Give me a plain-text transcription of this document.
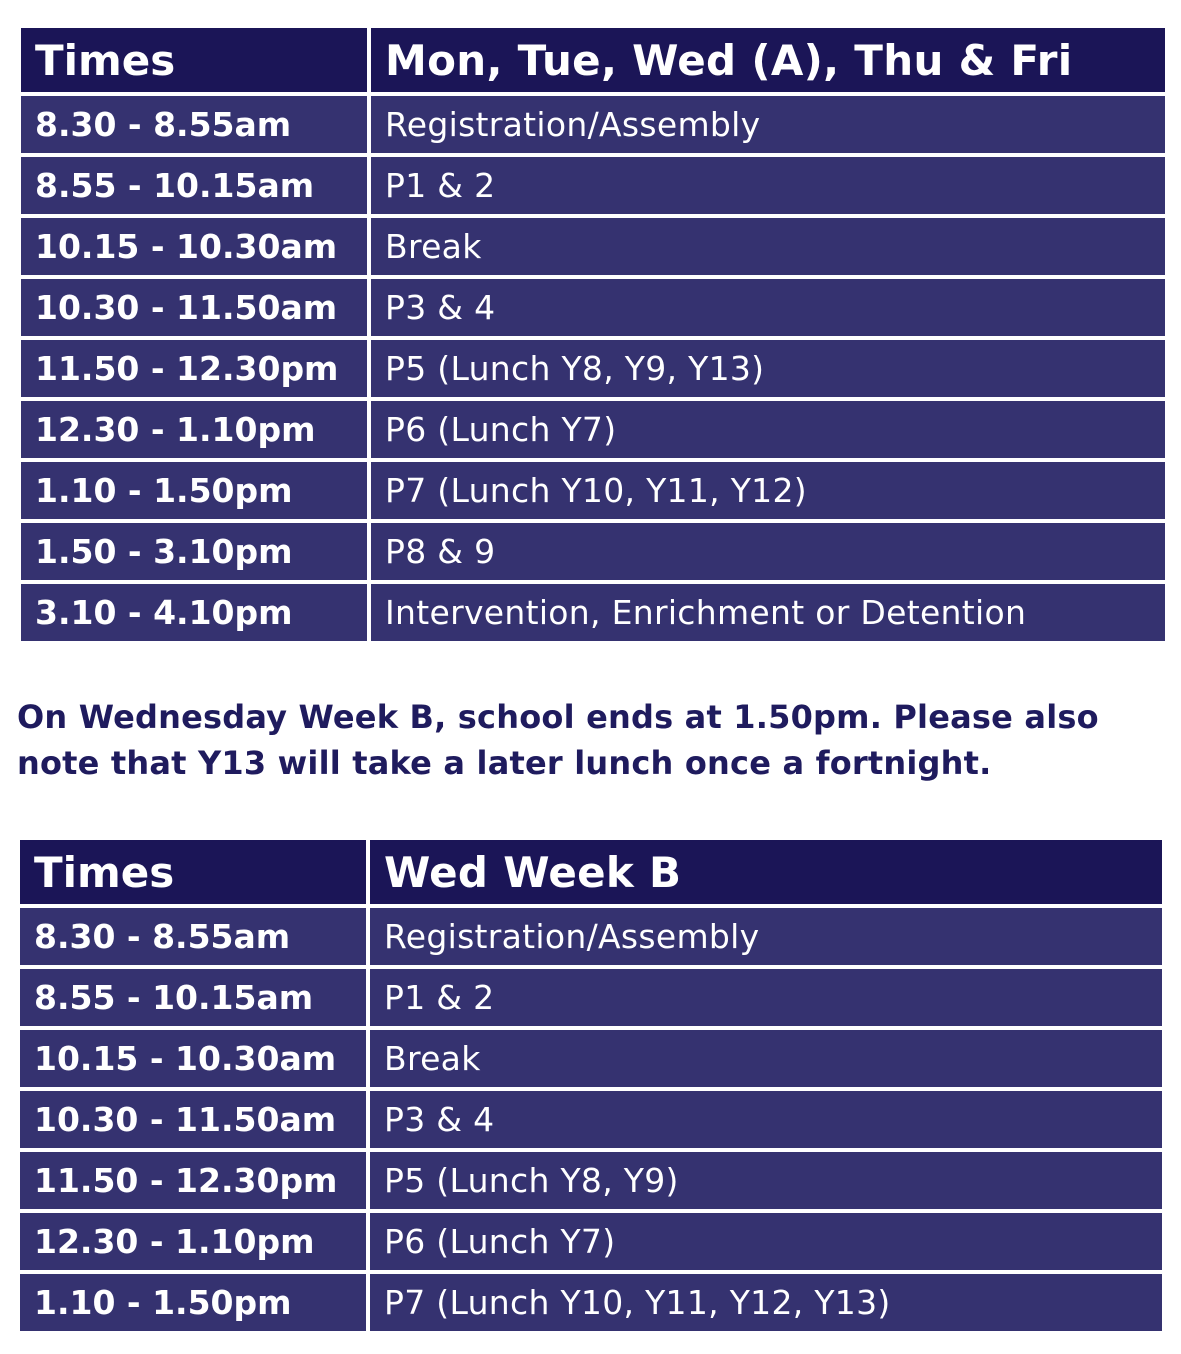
Times	Mon, Tue, Wed (A), Thu & Fri
8.30 - 8.55am	Registration/Assembly
8.55 - 10.15am	P1 & 2
10.15 - 10.30am	Break
10.30 - 11.50am	P3 & 4
11.50 - 12.30pm	P5 (Lunch Y8, Y9, Y13)
12.30 - 1.10pm	P6 (Lunch Y7)
1.10 - 1.50pm	P7 (Lunch Y10, Y11, Y12)
1.50 - 3.10pm	P8 & 9
3.10 - 4.10pm	Intervention, Enrichment or Detention

On Wednesday Week B, school ends at 1.50pm. Please also
note that Y13 will take a later lunch once a fortnight.

Times	Wed Week B
8.30 - 8.55am	Registration/Assembly
8.55 - 10.15am	P1 & 2
10.15 - 10.30am	Break
10.30 - 11.50am	P3 & 4
11.50 - 12.30pm	P5 (Lunch Y8, Y9)
12.30 - 1.10pm	P6 (Lunch Y7)
1.10 - 1.50pm	P7 (Lunch Y10, Y11, Y12, Y13)
